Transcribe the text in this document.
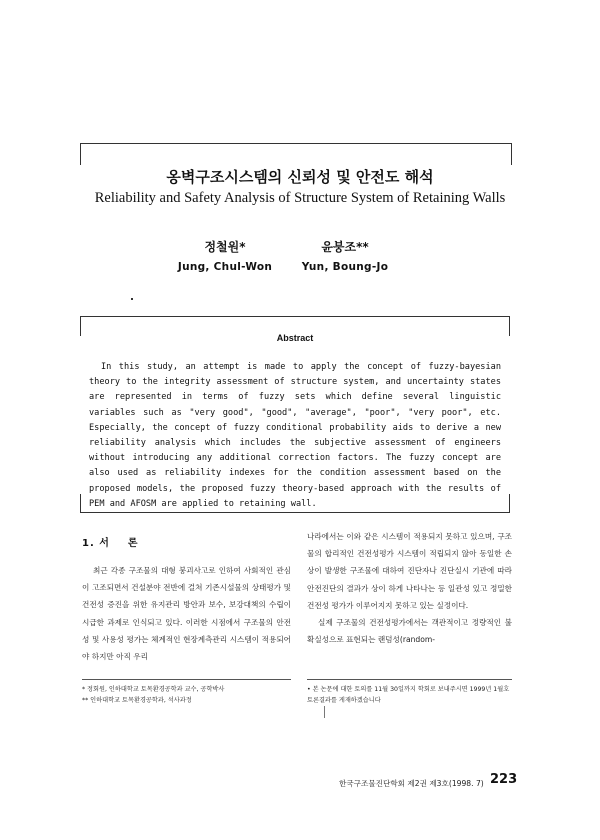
옹벽구조시스템의 신뢰성 및 안전도 해석
Reliability and Safety Analysis of Structure System of Retaining Walls
정철원*
Jung, Chul-Won
윤붕조**
Yun, Boung-Jo
Abstract

In this study, an attempt is made to apply the concept of fuzzy-bayesian theory to the integrity assessment of structure system, and uncertainty states are represented in terms of fuzzy sets which define several linguistic variables such as "very good", "good", "average", "poor", "very poor", etc. Especially, the concept of fuzzy conditional probability aids to derive a new reliability analysis which includes the subjective assessment of engineers without introducing any additional correction factors. The fuzzy concept are also used as reliability indexes for the condition assessment based on the proposed models, the proposed fuzzy theory-based approach with the results of PEM and AFOSM are applied to retaining wall.

1. 서    론

최근 각종 구조물의 대형 붕괴사고로 인하여 사회적인 관심이 고조되면서 건설분야 전반에 걸쳐 기존시설물의 상태평가 및 건전성 증진을 위한 유지관리 방안과 보수, 보강대책의 수립이 시급한 과제로 인식되고 있다. 이러한 시점에서 구조물의 안전성 및 사용성 평가는 체계적인 현장계측관리 시스템이 적용되어야 하지만 아직 우리

나라에서는 이와 같은 시스템이 적용되지 못하고 있으며, 구조물의 합리적인 건전성평가 시스템이 적립되지 않아 동일한 손상이 발생한 구조물에 대하여 진단자나 진단실시 기관에 따라 안전진단의 결과가 상이 하게 나타나는 등 일관성 있고 정밀한 건전성 평가가 이루어지지 못하고 있는 실정이다.

실제 구조물의 건전성평가에서는 객관적이고 정량적인 불확실성으로 표현되는 랜덤성(random-

* 정회원, 인하대학교 토목환경공학과 교수, 공학박사
** 인하대학교 토목환경공학과, 석사과정
• 본 논문에 대한 토의를 11월 30일까지 학회로 보내주시면 1999년 1월호 토론결과를 게재하겠습니다
한국구조물진단학회 제2권 제3호(1998. 7) 223
